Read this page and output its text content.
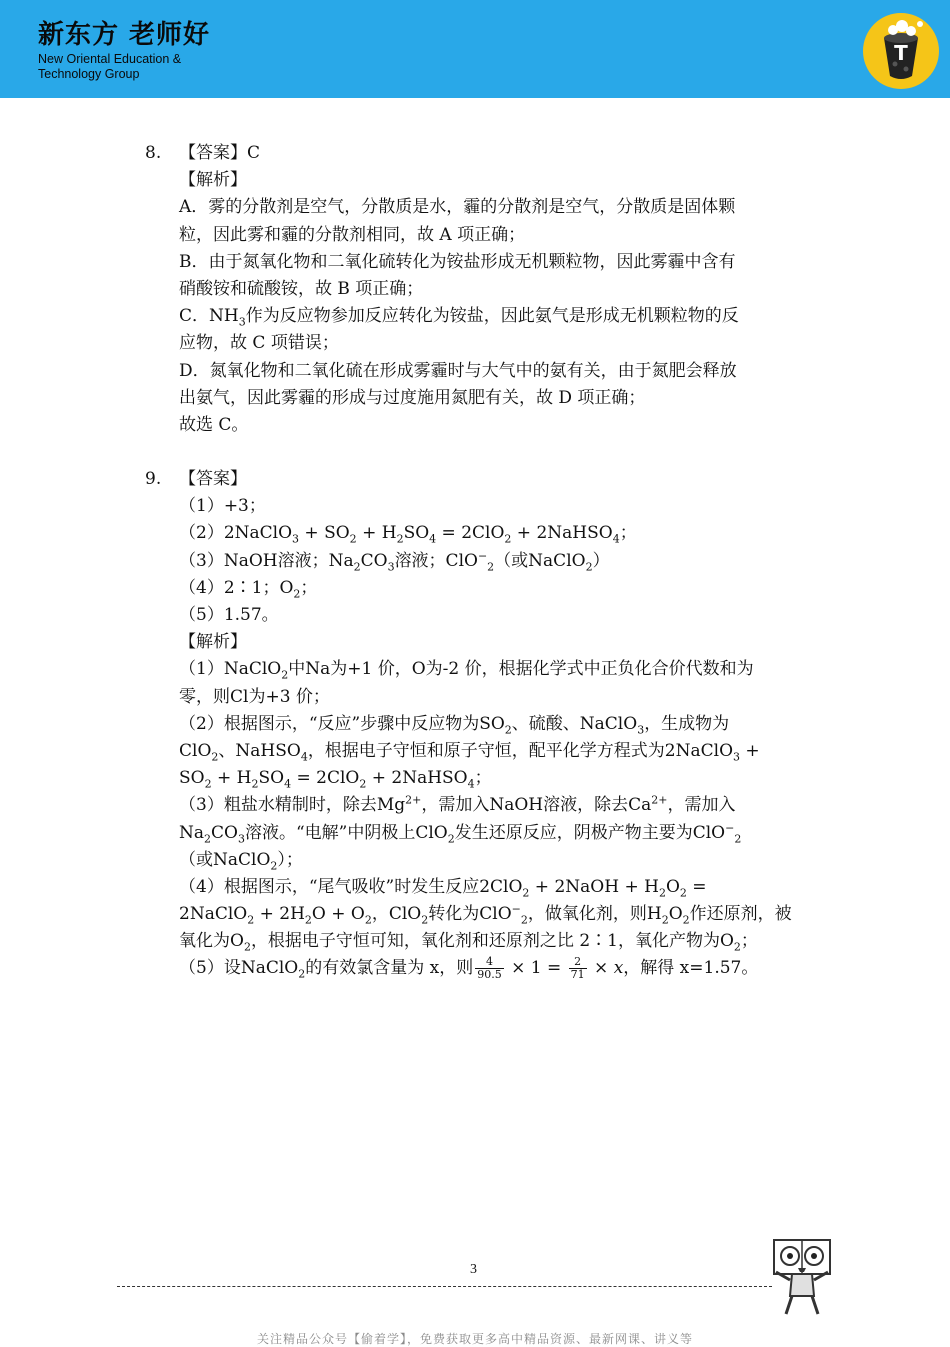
新东方 老师好
New Oriental Education & Technology Group
T
8. 【答案】C
【解析】
A．雾的分散剂是空气，分散质是水，霾的分散剂是空气，分散质是固体颗
粒，因此雾和霾的分散剂相同，故 A 项正确；
B．由于氮氧化物和二氧化硫转化为铵盐形成无机颗粒物，因此雾霾中含有
硝酸铵和硫酸铵，故 B 项正确；
C．$NH_3$作为反应物参加反应转化为铵盐，因此氨气是形成无机颗粒物的反
应物，故 C 项错误；
D．氮氧化物和二氧化硫在形成雾霾时与大气中的氨有关，由于氮肥会释放
出氨气，因此雾霾的形成与过度施用氮肥有关，故 D 项正确；
故选 C。
9. 【答案】
（1）+3；
（2）2NaClO$_3$ + $SO_2 + H_2SO_4 = 2ClO_2$ + 2NaHSO$_4$；
（3）NaOH溶液；$Na_2CO_3$溶液；ClO−$_2$（或NaClO$_2$）
（4）2∶1；$O_2$；
（5）1.57。
【解析】
（1）NaClO$_2$中Na为+1 价，O为-2 价，根据化学式中正负化合价代数和为
零，则Cl为+3 价；
（2）根据图示，“反应”步骤中反应物为$SO_2$、硫酸、NaClO$_3$，生成物为
ClO$_2$、NaHSO$_4$，根据电子守恒和原子守恒，配平化学方程式为2NaClO$_3$ +
$SO_2 + H_2SO_4 = 2ClO_2$ + 2NaHSO$_4$；
（3）粗盐水精制时，除去$Mg^{2+}$，需加入NaOH溶液，除去$Ca^{2+}$，需加入
$Na_2CO_3$溶液。“电解”中阴极上ClO$_2$发生还原反应，阴极产物主要为ClO−$_2$
（或NaClO$_2$）；
（4）根据图示，“尾气吸收”时发生反应2ClO$_2$ + 2NaOH + $H_2O_2$ =
2NaClO$_2$ + $2H_2O + O_2$，ClO$_2$转化为ClO−$_2$，做氧化剂，则$H_2O_2$作还原剂，被
氧化为$O_2$，根据电子守恒可知，氧化剂和还原剂之比 2∶1，氧化产物为$O_2$；
（5）设NaClO$_2$的有效氯含量为 x，则 $\frac{4}{90.5} \times 1 = \frac{2}{71}$ × 𝑥，解得 x=1.57。
3
关注精品公众号【偷着学】，免费获取更多高中精品资源、最新网课、讲义等
